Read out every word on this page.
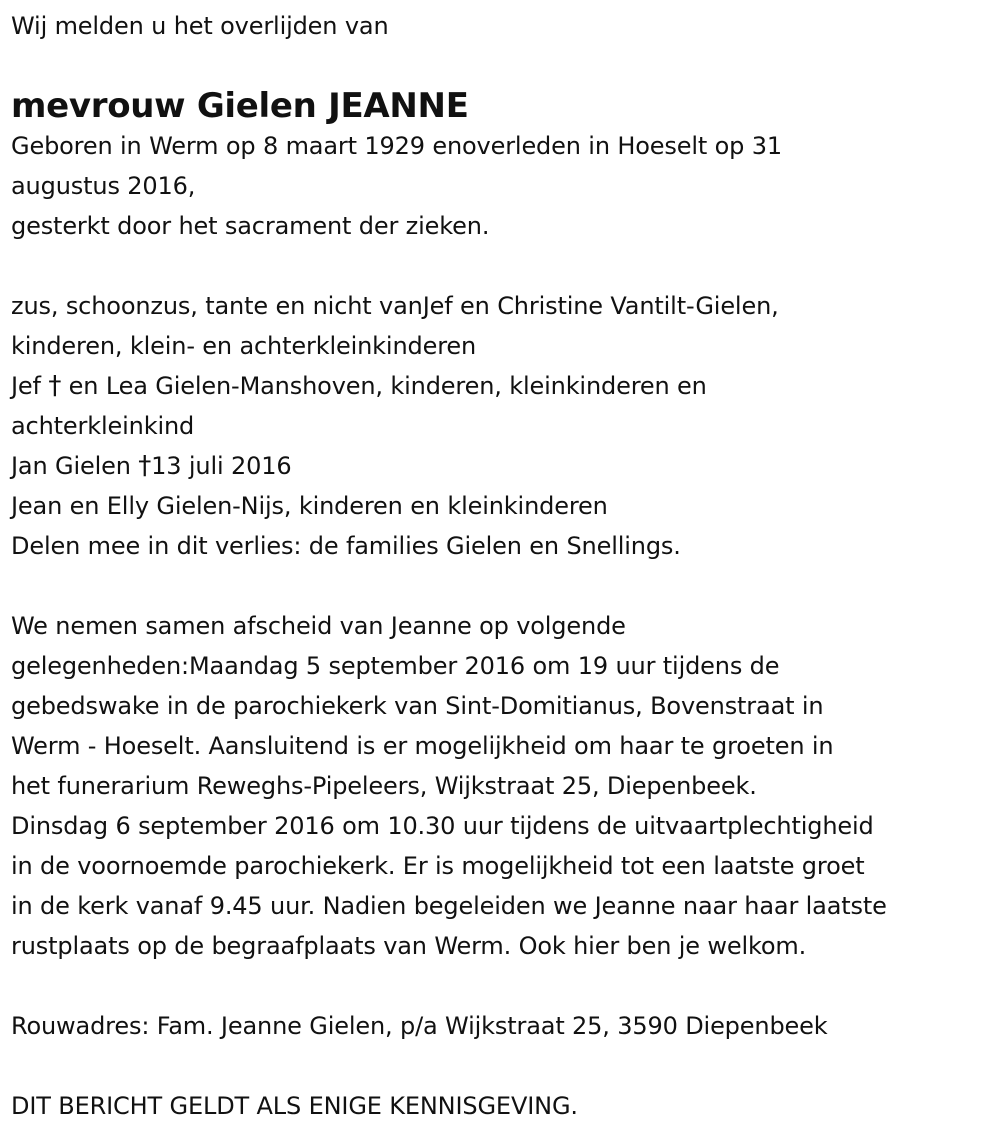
Wij melden u het overlijden van
mevrouw Gielen JEANNE
Geboren in Werm op 8 maart 1929 enoverleden in Hoeselt op 31
augustus 2016,
gesterkt door het sacrament der zieken.
zus, schoonzus, tante en nicht vanJef en Christine Vantilt-Gielen,
kinderen, klein- en achterkleinkinderen
Jef † en Lea Gielen-Manshoven, kinderen, kleinkinderen en
achterkleinkind
Jan Gielen †13 juli 2016
Jean en Elly Gielen-Nijs, kinderen en kleinkinderen
Delen mee in dit verlies: de families Gielen en Snellings.
We nemen samen afscheid van Jeanne op volgende
gelegenheden:Maandag 5 september 2016 om 19 uur tijdens de
gebedswake in de parochiekerk van Sint-Domitianus, Bovenstraat in
Werm - Hoeselt. Aansluitend is er mogelijkheid om haar te groeten in
het funerarium Reweghs-Pipeleers, Wijkstraat 25, Diepenbeek.
Dinsdag 6 september 2016 om 10.30 uur tijdens de uitvaartplechtigheid
in de voornoemde parochiekerk. Er is mogelijkheid tot een laatste groet
in de kerk vanaf 9.45 uur. Nadien begeleiden we Jeanne naar haar laatste
rustplaats op de begraafplaats van Werm. Ook hier ben je welkom.
Rouwadres: Fam. Jeanne Gielen, p/a Wijkstraat 25, 3590 Diepenbeek
DIT BERICHT GELDT ALS ENIGE KENNISGEVING.
